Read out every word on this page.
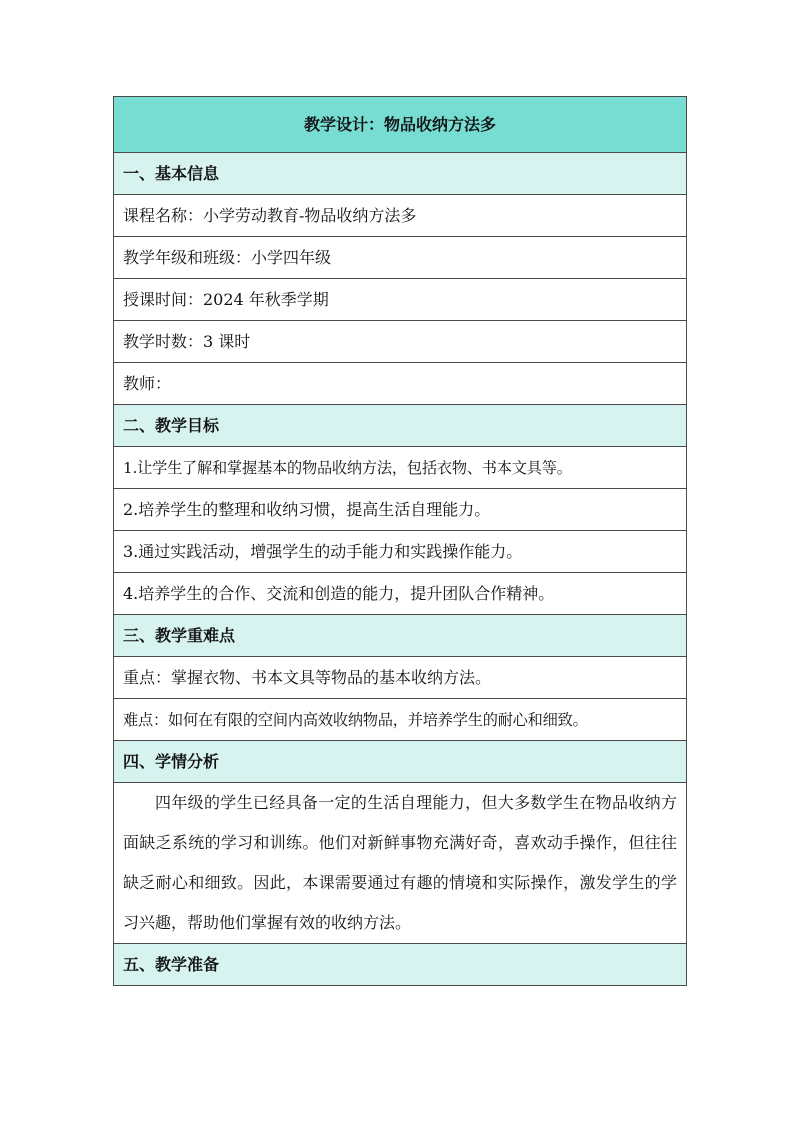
教学设计：物品收纳方法多
一、基本信息
课程名称：小学劳动教育-物品收纳方法多
教学年级和班级：小学四年级
授课时间：2024 年秋季学期
教学时数：3 课时
教师：
二、教学目标
1.让学生了解和掌握基本的物品收纳方法，包括衣物、书本文具等。
2.培养学生的整理和收纳习惯，提高生活自理能力。
3.通过实践活动，增强学生的动手能力和实践操作能力。
4.培养学生的合作、交流和创造的能力，提升团队合作精神。
三、教学重难点
重点：掌握衣物、书本文具等物品的基本收纳方法。
难点：如何在有限的空间内高效收纳物品，并培养学生的耐心和细致。
四、学情分析

四年级的学生已经具备一定的生活自理能力，但大多数学生在物品收纳方面缺乏系统的学习和训练。他们对新鲜事物充满好奇，喜欢动手操作，但往往缺乏耐心和细致。因此，本课需要通过有趣的情境和实际操作，激发学生的学习兴趣，帮助他们掌握有效的收纳方法。

五、教学准备
